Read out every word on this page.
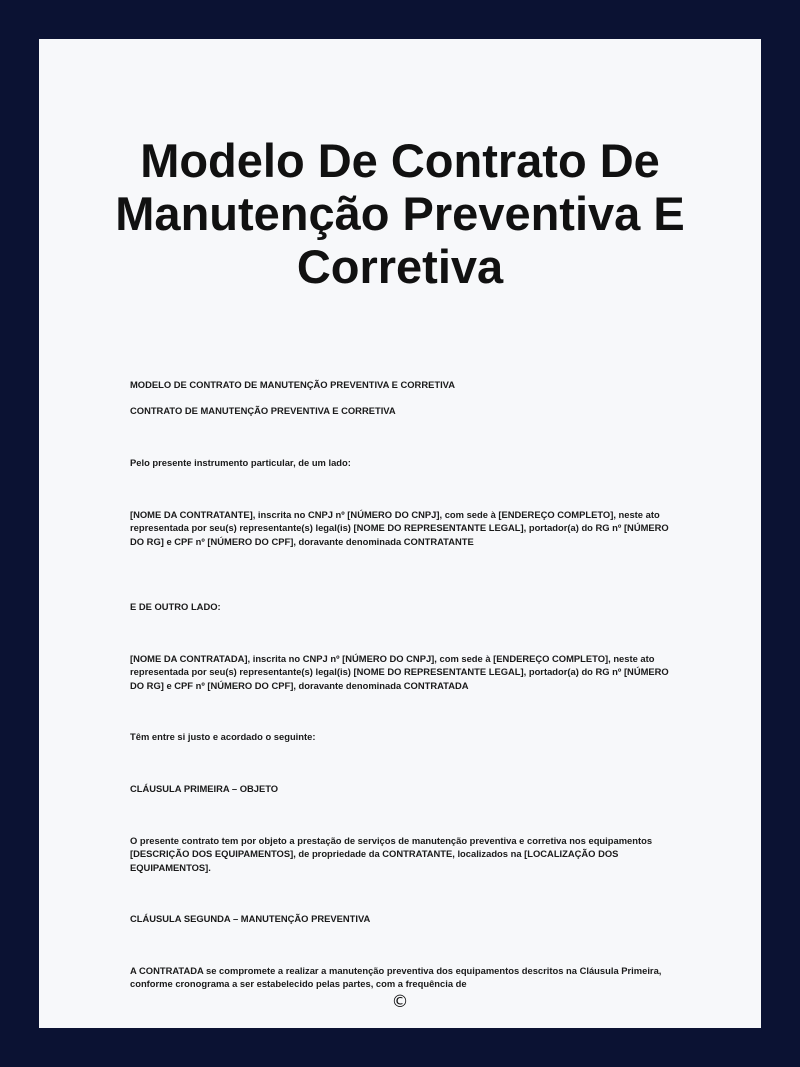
Modelo De Contrato De Manutenção Preventiva E Corretiva

MODELO DE CONTRATO DE MANUTENÇÃO PREVENTIVA E CORRETIVA

CONTRATO DE MANUTENÇÃO PREVENTIVA E CORRETIVA

Pelo presente instrumento particular, de um lado:

[NOME DA CONTRATANTE], inscrita no CNPJ nº [NÚMERO DO CNPJ], com sede à [ENDEREÇO COMPLETO], neste ato representada por seu(s) representante(s) legal(is) [NOME DO REPRESENTANTE LEGAL], portador(a) do RG nº [NÚMERO DO RG] e CPF nº [NÚMERO DO CPF], doravante denominada CONTRATANTE

E DE OUTRO LADO:

[NOME DA CONTRATADA], inscrita no CNPJ nº [NÚMERO DO CNPJ], com sede à [ENDEREÇO COMPLETO], neste ato representada por seu(s) representante(s) legal(is) [NOME DO REPRESENTANTE LEGAL], portador(a) do RG nº [NÚMERO DO RG] e CPF nº [NÚMERO DO CPF], doravante denominada CONTRATADA

Têm entre si justo e acordado o seguinte:

CLÁUSULA PRIMEIRA – OBJETO

O presente contrato tem por objeto a prestação de serviços de manutenção preventiva e corretiva nos equipamentos [DESCRIÇÃO DOS EQUIPAMENTOS], de propriedade da CONTRATANTE, localizados na [LOCALIZAÇÃO DOS EQUIPAMENTOS].

CLÁUSULA SEGUNDA – MANUTENÇÃO PREVENTIVA

A CONTRATADA se compromete a realizar a manutenção preventiva dos equipamentos descritos na Cláusula Primeira, conforme cronograma a ser estabelecido pelas partes, com a frequência de

©
